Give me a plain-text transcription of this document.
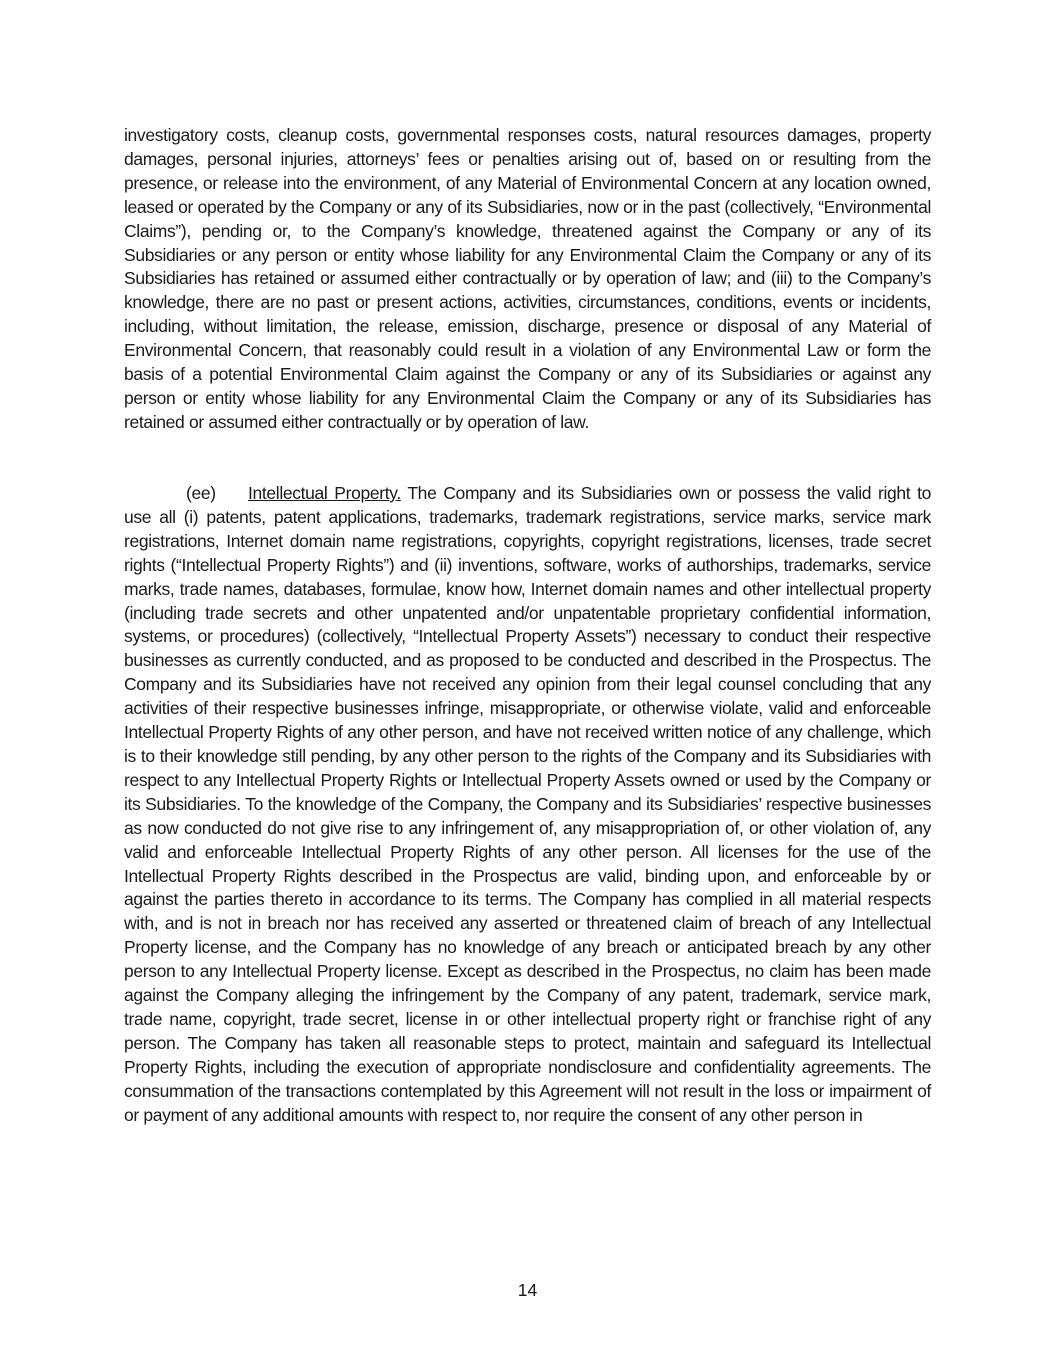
investigatory costs, cleanup costs, governmental responses costs, natural resources damages, property damages, personal injuries, attorneys’ fees or penalties arising out of, based on or resulting from the presence, or release into the environment, of any Material of Environmental Concern at any location owned, leased or operated by the Company or any of its Subsidiaries, now or in the past (collectively, “Environmental Claims”), pending or, to the Company’s knowledge, threatened against the Company or any of its Subsidiaries or any person or entity whose liability for any Environmental Claim the Company or any of its Subsidiaries has retained or assumed either contractually or by operation of law; and (iii) to the Company’s knowledge, there are no past or present actions, activities, circumstances, conditions, events or incidents, including, without limitation, the release, emission, discharge, presence or disposal of any Material of Environmental Concern, that reasonably could result in a violation of any Environmental Law or form the basis of a potential Environmental Claim against the Company or any of its Subsidiaries or against any person or entity whose liability for any Environmental Claim the Company or any of its Subsidiaries has retained or assumed either contractually or by operation of law.

(ee) Intellectual Property. The Company and its Subsidiaries own or possess the valid right to use all (i) patents, patent applications, trademarks, trademark registrations, service marks, service mark registrations, Internet domain name registrations, copyrights, copyright registrations, licenses, trade secret rights (“Intellectual Property Rights”) and (ii) inventions, software, works of authorships, trademarks, service marks, trade names, databases, formulae, know how, Internet domain names and other intellectual property (including trade secrets and other unpatented and/or unpatentable proprietary confidential information, systems, or procedures) (collectively, “Intellectual Property Assets”) necessary to conduct their respective businesses as currently conducted, and as proposed to be conducted and described in the Prospectus. The Company and its Subsidiaries have not received any opinion from their legal counsel concluding that any activities of their respective businesses infringe, misappropriate, or otherwise violate, valid and enforceable Intellectual Property Rights of any other person, and have not received written notice of any challenge, which is to their knowledge still pending, by any other person to the rights of the Company and its Subsidiaries with respect to any Intellectual Property Rights or Intellectual Property Assets owned or used by the Company or its Subsidiaries. To the knowledge of the Company, the Company and its Subsidiaries’ respective businesses as now conducted do not give rise to any infringement of, any misappropriation of, or other violation of, any valid and enforceable Intellectual Property Rights of any other person. All licenses for the use of the Intellectual Property Rights described in the Prospectus are valid, binding upon, and enforceable by or against the parties thereto in accordance to its terms. The Company has complied in all material respects with, and is not in breach nor has received any asserted or threatened claim of breach of any Intellectual Property license, and the Company has no knowledge of any breach or anticipated breach by any other person to any Intellectual Property license. Except as described in the Prospectus, no claim has been made against the Company alleging the infringement by the Company of any patent, trademark, service mark, trade name, copyright, trade secret, license in or other intellectual property right or franchise right of any person. The Company has taken all reasonable steps to protect, maintain and safeguard its Intellectual Property Rights, including the execution of appropriate nondisclosure and confidentiality agreements. The consummation of the transactions contemplated by this Agreement will not result in the loss or impairment of or payment of any additional amounts with respect to, nor require the consent of any other person in

14
